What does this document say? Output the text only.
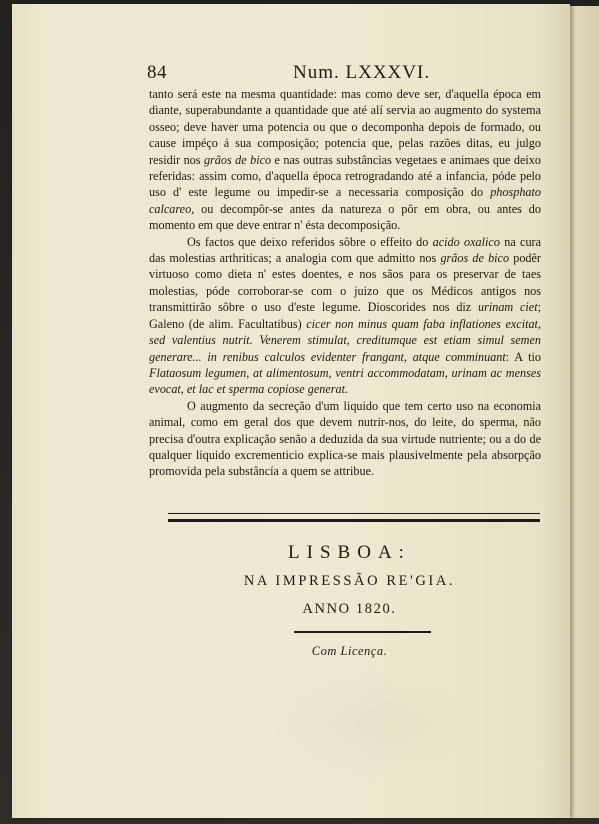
84	Num. LXXXVI.

tanto será este na mesma quantidade: mas como deve ser, d'aquella época em diante, superabundante a quantidade que até alí servia ao augmento do systema osseo; deve haver uma potencia ou que o decomponha depois de formado, ou cause impéço á sua composição; potencia que, pelas razões ditas, eu julgo residir nos grãos de bico e nas outras substâncias vegetaes e animaes que deixo referidas: assim como, d'aquella época retrogradando até a infancia, póde pelo uso d' este legume ou impedir-se a necessaria composição do phosphato calcareo, ou decompôr-se antes da natureza o pôr em obra, ou antes do momento em que deve entrar n' ésta decomposição.

Os factos que deixo referidos sôbre o effeito do acido oxalico na cura das molestias arthriticas; a analogia com que admitto nos grãos de bico podêr virtuoso como dieta n' estes doentes, e nos sãos para os preservar de taes molestias, póde corroborar-se com o juizo que os Médicos antigos nos transmittirão sôbre o uso d'este legume. Dioscorides nos diz urinam ciet; Galeno (de alim. Facultatibus) cicer non minus quam faba inflationes excitat, sed valentius nutrit. Venerem stimulat, creditumque est etiam simul semen generare... in renibus calculos evidenter frangant, atque comminuant: A tio Flataosum legumen, at alimentosum, ventri accommodatam, urinam ac menses evocat, et lac et sperma copiose generat.

O augmento da secreção d'um liquido que tem certo uso na economia animal, como em geral dos que devem nutrir-nos, do leite, do sperma, não precisa d'outra explicação senão a deduzida da sua virtude nutriente; ou a do de qualquer liquido excrementicio explica-se mais plausivelmente pela absorpção promovida pela substâncía a quem se attribue.

LISBOA:
NA IMPRESSÃO RE'GIA.
ANNO 1820.
Com Licença.
